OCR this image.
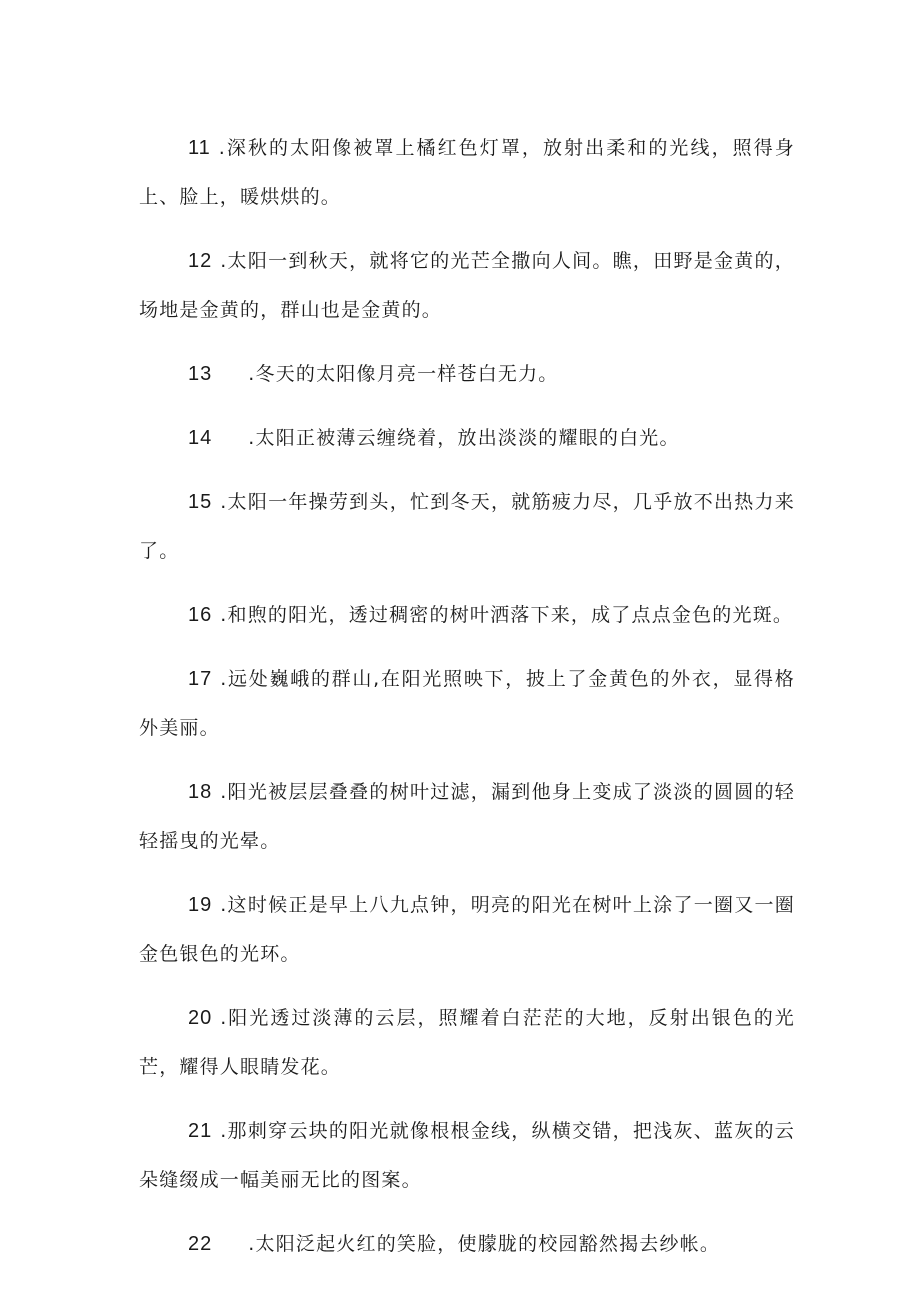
11 .深秋的太阳像被罩上橘红色灯罩，放射出柔和的光线，照得身上、脸上，暖烘烘的。

12 .太阳一到秋天，就将它的光芒全撒向人间。瞧，田野是金黄的，场地是金黄的，群山也是金黄的。

13 .冬天的太阳像月亮一样苍白无力。

14 .太阳正被薄云缠绕着，放出淡淡的耀眼的白光。

15 .太阳一年操劳到头，忙到冬天，就筋疲力尽，几乎放不出热力来了。

16 .和煦的阳光，透过稠密的树叶洒落下来，成了点点金色的光斑。

17 .远处巍峨的群山,在阳光照映下，披上了金黄色的外衣，显得格外美丽。

18 .阳光被层层叠叠的树叶过滤，漏到他身上变成了淡淡的圆圆的轻轻摇曳的光晕。

19 .这时候正是早上八九点钟，明亮的阳光在树叶上涂了一圈又一圈金色银色的光环。

20 .阳光透过淡薄的云层，照耀着白茫茫的大地，反射出银色的光芒，耀得人眼睛发花。

21 .那刺穿云块的阳光就像根根金线，纵横交错，把浅灰、蓝灰的云朵缝缀成一幅美丽无比的图案。

22 .太阳泛起火红的笑脸，使朦胧的校园豁然揭去纱帐。
